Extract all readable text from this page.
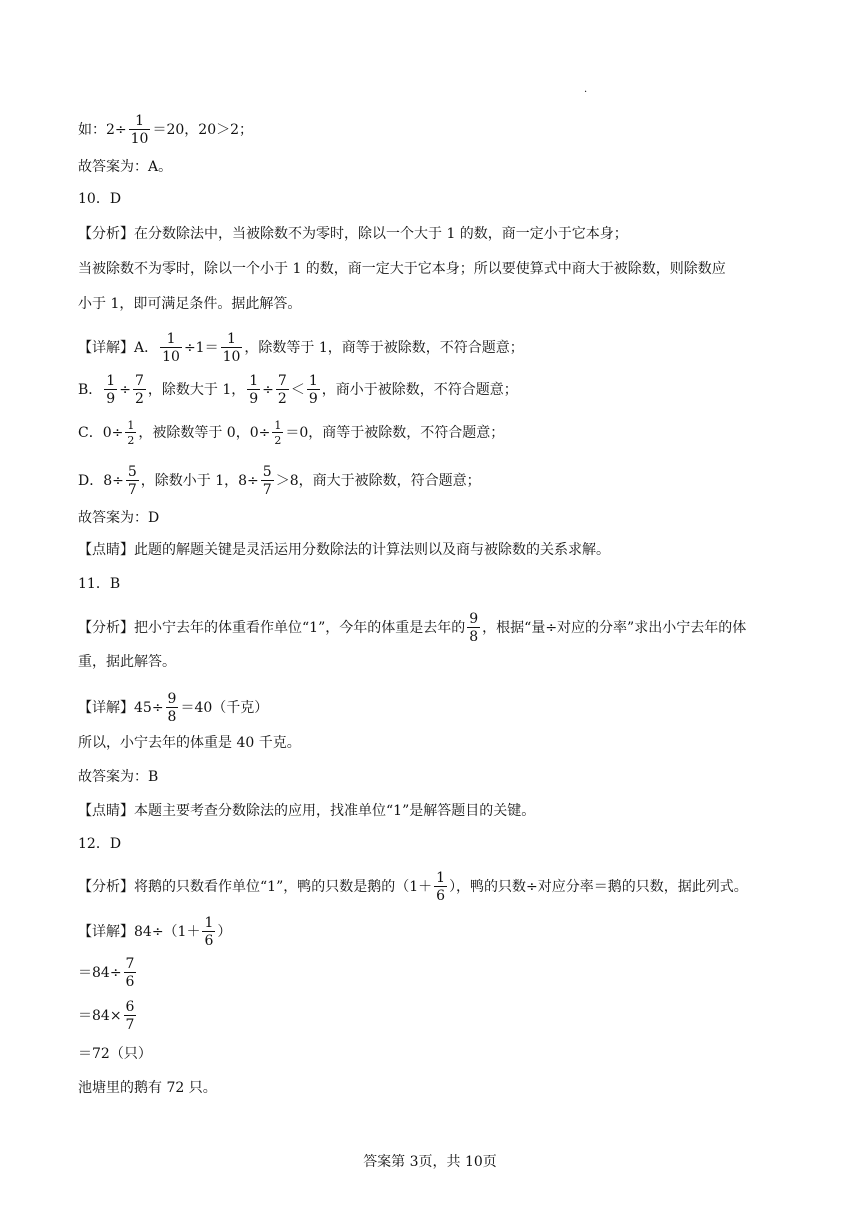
.
如：$2\div \frac{1}{10} =20$，20＞2；
故答案为：A。
10．D
【分析】在分数除法中，当被除数不为零时，除以一个大于 1 的数，商一定小于它本身；
当被除数不为零时，除以一个小于 1 的数，商一定大于它本身；所以要使算式中商大于被除数，则除数应
小于 1，即可满足条件。据此解答。
【详解】A． $\frac{1}{10} \div 1= \frac{1}{10}$ ，除数等于 1，商等于被除数，不符合题意；
B． $\frac{1}{9} \div \frac{7}{2}$ ，除数大于 1， $\frac{1}{9} \div \frac{7}{2} < \frac{1}{9}$ ，商小于被除数，不符合题意；
C．$0\div \frac{1}{2}$ ，被除数等于 0，$0\div \frac{1}{2} =0$，商等于被除数，不符合题意；
D．$8\div \frac{5}{7}$ ，除数小于 1，$8\div \frac{5}{7} >8$，商大于被除数，符合题意；
故答案为：D
【点睛】此题的解题关键是灵活运用分数除法的计算法则以及商与被除数的关系求解。
11．B
【分析】把小宁去年的体重看作单位“1”，今年的体重是去年的 $\frac{9}{8}$ ，根据“量÷对应的分率”求出小宁去年的体
重，据此解答。
【详解】$45\div \frac{9}{8} =40$（千克）
所以，小宁去年的体重是 40 千克。
故答案为：B
【点睛】本题主要考查分数除法的应用，找准单位“1”是解答题目的关键。
12．D
【分析】将鹅的只数看作单位“1”，鸭的只数是鹅的（$1+ \frac{1}{6}$ ），鸭的只数÷对应分率＝鹅的只数，据此列式。
【详解】$84\div(1+ \frac{1}{6}$ ）
$=84\div \frac{7}{6}$
$=84\times \frac{6}{7}$
＝72（只）
池塘里的鹅有 72 只。
答案第 3页，共 10页
